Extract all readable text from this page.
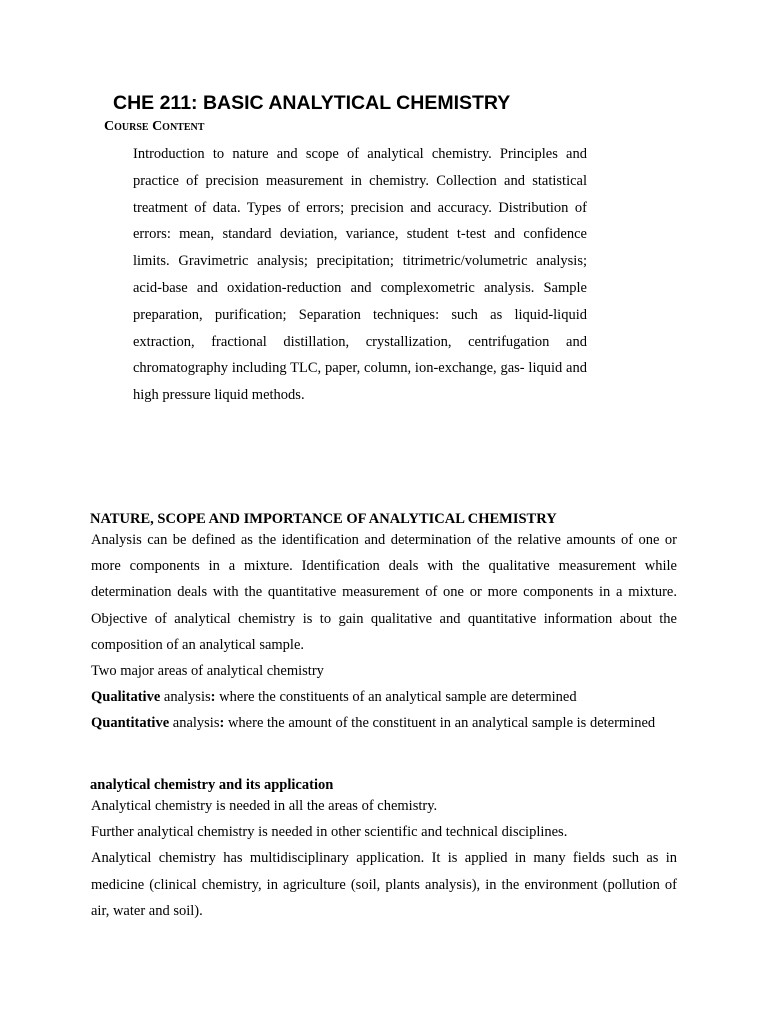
CHE 211: BASIC ANALYTICAL CHEMISTRY
Course Content

Introduction to nature and scope of analytical chemistry. Principles and practice of precision measurement in chemistry. Collection and statistical treatment of data. Types of errors; precision and accuracy. Distribution of errors: mean, standard deviation, variance, student t-test and confidence limits. Gravimetric analysis; precipitation; titrimetric/volumetric analysis; acid-base and oxidation-reduction and complexometric analysis. Sample preparation, purification; Separation techniques: such as liquid-liquid extraction, fractional distillation, crystallization, centrifugation and chromatography including TLC, paper, column, ion-exchange, gas- liquid and high pressure liquid methods.

NATURE, SCOPE AND IMPORTANCE OF ANALYTICAL CHEMISTRY

Analysis can be defined as the identification and determination of the relative amounts of one or more components in a mixture. Identification deals with the qualitative measurement while determination deals with the quantitative measurement of one or more components in a mixture. Objective of analytical chemistry is to gain qualitative and quantitative information about the composition of an analytical sample.

Two major areas of analytical chemistry

Qualitative analysis: where the constituents of an analytical sample are determined

Quantitative analysis: where the amount of the constituent in an analytical sample is determined

analytical chemistry and its application

Analytical chemistry is needed in all the areas of chemistry.

Further analytical chemistry is needed in other scientific and technical disciplines.

Analytical chemistry has multidisciplinary application. It is applied in many fields such as in medicine (clinical chemistry, in agriculture (soil, plants analysis), in the environment (pollution of air, water and soil).
